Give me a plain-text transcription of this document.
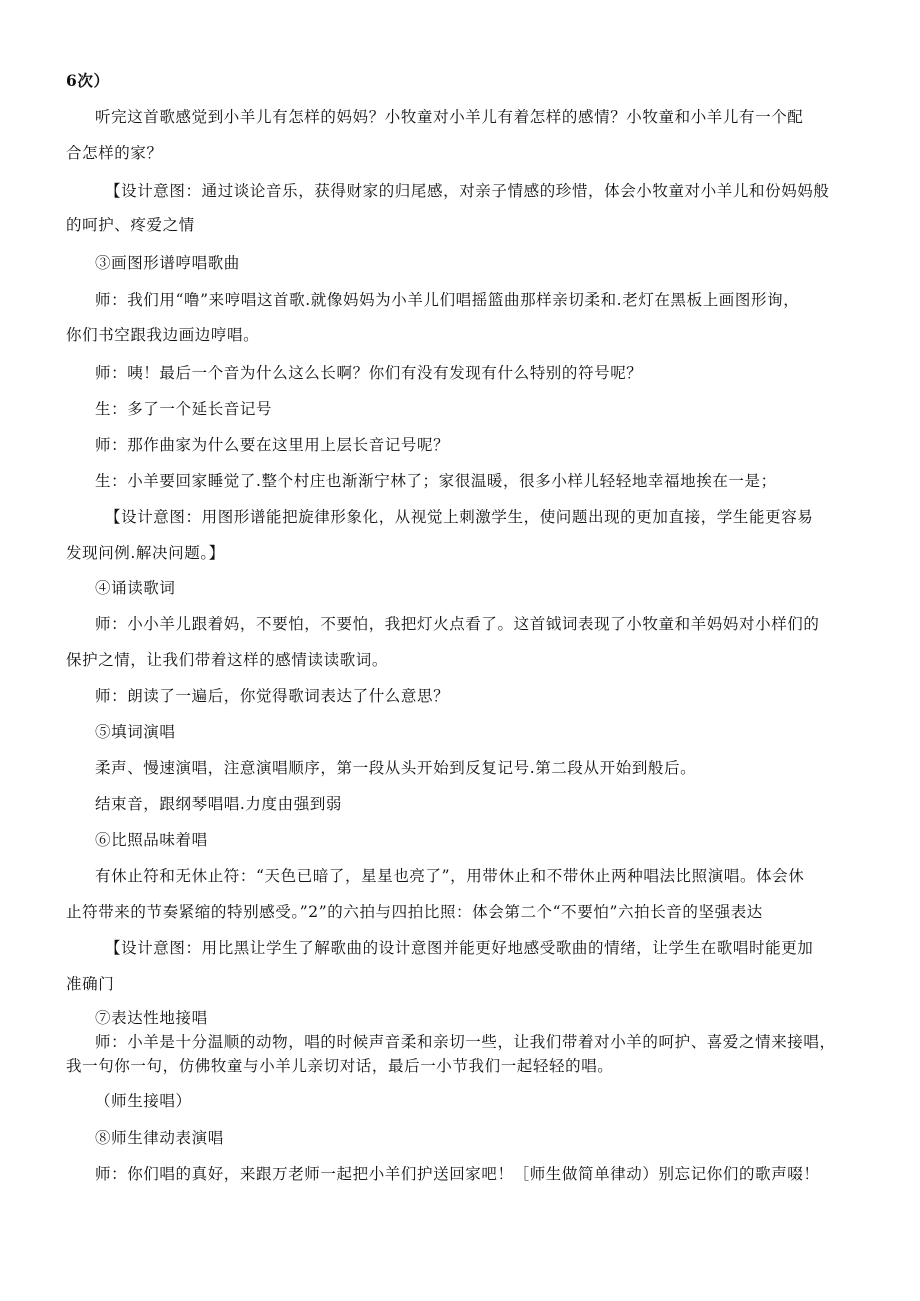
6次）
听完这首歌感觉到小羊儿有怎样的妈妈？小牧童对小羊儿有着怎样的感情？小牧童和小羊儿有一个配
合怎样的家？
【设计意图：通过谈论音乐，获得财家的归尾感，对亲子情感的珍惜，体会小牧童对小羊儿和份妈妈般
的呵护、疼爱之情
③画图形谱哼唱歌曲
师：我们用“噜”来哼唱这首歌.就像妈妈为小羊儿们唱摇篮曲那样亲切柔和.老灯在黑板上画图形询，
你们书空跟我边画边哼唱。
师：咦！最后一个音为什么这么长啊？你们有没有发现有什么特别的符号呢？
生：多了一个延长音记号
师：那作曲家为什么要在这里用上层长音记号呢？
生：小羊要回家睡觉了.整个村庄也渐渐宁林了；家很温暖，很多小样儿轻轻地幸福地挨在一是；
【设计意图：用图形谱能把旋律形象化，从视觉上刺激学生，使问题出现的更加直接，学生能更容易
发现问例.解决问题。】
④诵读歌词
师：小小羊儿跟着妈，不要怕，不要怕，我把灯火点看了。这首钺词表现了小牧童和羊妈妈对小样们的
保护之情，让我们带着这样的感情读读歌词。
师：朗读了一遍后，你觉得歌词表达了什么意思？
⑤填词演唱
柔声、慢速演唱，注意演唱顺序，第一段从头开始到反复记号.第二段从开始到般后。
结束音，跟纲琴唱唱.力度由强到弱
⑥比照品味着唱
有休止符和无休止符：“天色已暗了，星星也亮了”，用带休止和不带休止两种唱法比照演唱。体会休
止符带来的节奏紧缩的特别感受。”2”的六拍与四拍比照：体会第二个“不要怕”六拍长音的坚强表达
【设计意图：用比黑让学生了解歌曲的设计意图并能更好地感受歌曲的情绪，让学生在歌唱时能更加
准确门
⑦表达性地接唱
师：小羊是十分温顺的动物，唱的时候声音柔和亲切一些，让我们带着对小羊的呵护、喜爱之情来接唱，
我一句你一句，仿佛牧童与小羊儿亲切对话，最后一小节我们一起轻轻的唱。
（师生接唱）
⑧师生律动表演唱
师：你们唱的真好，来跟万老师一起把小羊们护送回家吧！［师生做简单律动）别忘记你们的歌声啜！
